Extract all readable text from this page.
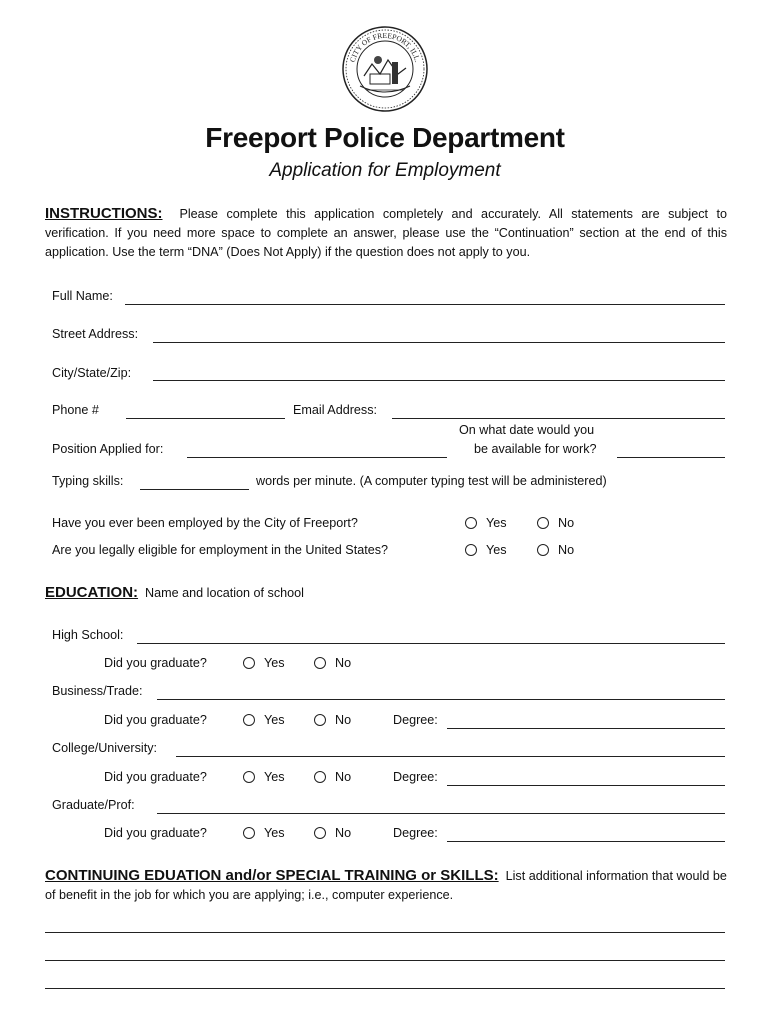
CITY OF FREEPORT, ILL.
Freeport Police Department
Application for Employment
INSTRUCTIONS: Please complete this application completely and accurately. All statements are subject to verification. If you need more space to complete an answer, please use the “Continuation” section at the end of this application. Use the term “DNA” (Does Not Apply) if the question does not apply to you.
Full Name:
Street Address:
City/State/Zip:
Phone #	Email Address:
Position Applied for:
On what date would you
be available for work?
Typing skills:	words per minute. (A computer typing test will be administered)
Have you ever been employed by the City of Freeport?	Yes	No
Are you legally eligible for employment in the United States?	Yes	No
EDUCATION: Name and location of school
High School:
Did you graduate?	Yes	No
Business/Trade:
Did you graduate?	Yes	No	Degree:
College/University:
Did you graduate?	Yes	No	Degree:
Graduate/Prof:
Did you graduate?	Yes	No	Degree:
CONTINUING EDUATION and/or SPECIAL TRAINING or SKILLS: List additional information that would be of benefit in the job for which you are applying; i.e., computer experience.
